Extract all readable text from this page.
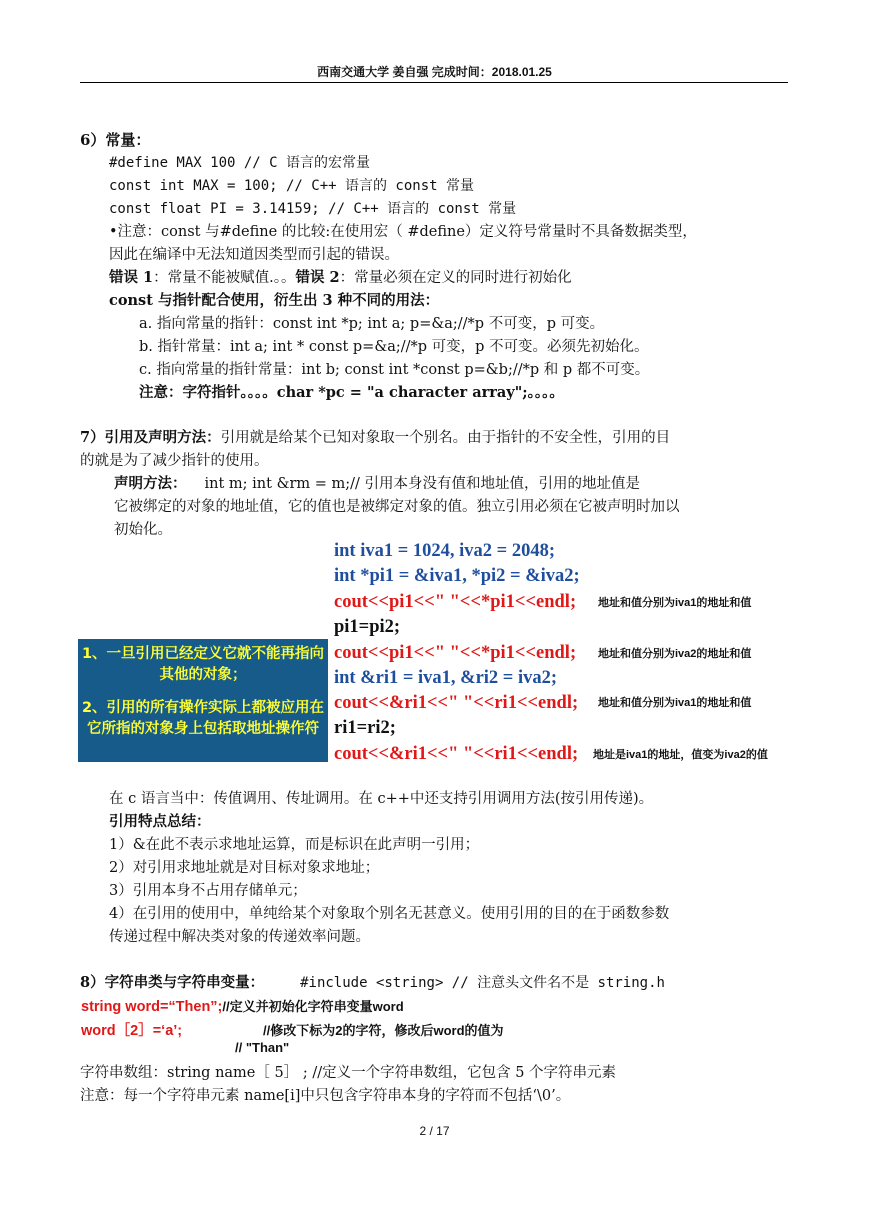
西南交通大学 姜自强 完成时间：2018.01.25
6）常量：
#define MAX 100 // C 语言的宏常量
const int MAX = 100; // C++ 语言的 const 常量
const float PI = 3.14159; // C++ 语言的 const 常量
•注意：const 与#define 的比较:在使用宏（ #define）定义符号常量时不具备数据类型，
因此在编译中无法知道因类型而引起的错误。
错误 1：常量不能被赋值.。。错误 2：常量必须在定义的同时进行初始化
const 与指针配合使用，衍生出 3 种不同的用法：
a. 指向常量的指针：const int *p; int a; p=&a;//*p 不可变，p 可变。
b. 指针常量：int a; int * const p=&a;//*p 可变，p 不可变。必须先初始化。
c. 指向常量的指针常量：int b; const int *const p=&b;//*p 和 p 都不可变。
注意：字符指针。。。。char *pc = "a character array";。。。。
7）引用及声明方法：引用就是给某个已知对象取一个别名。由于指针的不安全性，引用的目
的就是为了减少指针的使用。
声明方法： int m; int &rm = m;// 引用本身没有值和地址值，引用的地址值是
它被绑定的对象的地址值，它的值也是被绑定对象的值。独立引用必须在它被声明时加以
初始化。
int iva1 = 1024, iva2 = 2048;
int *pi1 = &iva1, *pi2 = &iva2;
cout<<pi1<<" "<<*pi1<<endl; 地址和值分别为iva1的地址和值
pi1=pi2;
cout<<pi1<<" "<<*pi1<<endl; 地址和值分别为iva2的地址和值
int &ri1 = iva1, &ri2 = iva2;
cout<<&ri1<<" "<<ri1<<endl; 地址和值分别为iva1的地址和值
ri1=ri2;
cout<<&ri1<<" "<<ri1<<endl; 地址是iva1的地址，值变为iva2的值

1、一旦引用已经定义它就不能再指向其他的对象；

2、引用的所有操作实际上都被应用在它所指的对象身上包括取地址操作符

在 c 语言当中：传值调用、传址调用。在 c++中还支持引用调用方法(按引用传递)。
引用特点总结：
1）&在此不表示求地址运算，而是标识在此声明一引用；
2）对引用求地址就是对目标对象求地址；
3）引用本身不占用存储单元；
4）在引用的使用中，单纯给某个对象取个别名无甚意义。使用引用的目的在于函数参数
传递过程中解决类对象的传递效率问题。
8）字符串类与字符串变量：	#include <string> // 注意头文件名不是 string.h
string word=“Then”;//定义并初始化字符串变量word
word［2］=‘a’;	//修改下标为2的字符，修改后word的值为
// "Than"
字符串数组：string name［ 5］ ; //定义一个字符串数组，它包含 5 个字符串元素
注意：每一个字符串元素 name[i]中只包含字符串本身的字符而不包括‘\0’。
2 / 17
